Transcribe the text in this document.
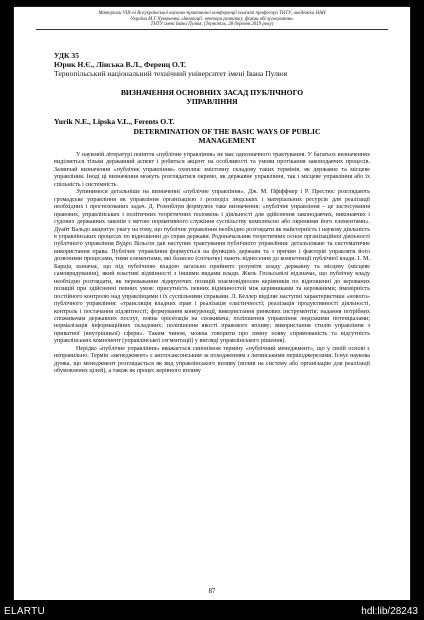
Матеріали VIII-ої Всеукраїнської науково-практичної конференції пам'яті професора ТНТУ, академіка НАН
України М.Г.Чумаченка «Інновації: вектори розвитку, форми обслуговування»
ТНТУ імені Івана Пулюя, (Тернопіль, 28 березня 2019 року)
УДК 35
Юрик Н.Є., Лінська В.Л., Ференц О.Т.
Тернопільський національний технічний університет імені Івана Пулюя
ВИЗНАЧЕННЯ ОСНОВНИХ ЗАСАД ПУБЛІЧНОГО УПРАВЛІННЯ
Yurik N.E., Lipska V.L., Ferents O.T.
DETERMINATION OF THE BASIC WAYS OF PUBLIC MANAGEMENT

У науковій літературі поняття «публічне управління» не має однозначного трактування. У багатьох визначеннях виділяється тільки державний аспект і робиться акцент на особливості та умови протікання законодавчих процесів. Зазвичай визначення «публічне управління» охоплює змістовну складову таких термінів, як державне та місцеве управління. Іноді ці визначення можуть розглядатися окремо, як державне управління, так і місцеве управління або їх спільність і системність.

Зупинимося детальніше на визначенні «публічне управління». Дж. М. Пфіффнер і Р. Престюс розглядають громадське управління як управління організацією і розподіл людських і матеріальних ресурсів для реалізації необхідних і прогнозованих задач. Д. Розенблум формулює таке визначення: «публічне управління – це застосування правових, управлінських і політичних теоретичних положень і діяльності для здійснення законодавчих, виконавчих і судових державних законів з метою нормативного служіння суспільству комплексно або окремими його елементами». Дуайт Вальдо акцентує увагу на тому, що публічне управління необхідно розглядати як майстерність і наукову діяльність в управлінських процесах по відношенні до справ держави. Родоначальник теоретичних основ організаційної діяльності публічного управління Вудро Вільсон дав наступне трактування публічного управління: детальзоване та систематичне використання права. Публічне управління формується на функціях держави та з причин і факторів управляти його дозвоними процесами, тими елементами, які базисно (спочатку) мають віднесення до компетенції публічної влади. І. М. Барціц зазначає, що під публічною владою загально прийнято розуміти владу державну та місцеву (місцеве самоврядування), який властиві відмінності з іншими видами влади. Жиль Гюльсьмілі відзначає, що публічну владу необхідно розглядати, як переважання лідируючих позицій взаємовідносин керівників по відношенні до керованих позицій при здійсненні певних умов: присутність певних відмінностей між керівниками та керованими; ймовірність постійного контролю над управлінцями і їх суспільними справами. Л. Келлер виділяє наступні характеристики «нового» публічного управління: «трансляція владних прав і реалізація еластичності; реалізація продуктивності діяльності, контроль і постачання підзвітності; формування конкуренції, використання ринкових інструментів; надання потрібних споживачам державних послуг, повна орієнтація на споживача; поліпшення управління людськими потенціалами; нормалізація інформаційних складових; поліпшення якості правового впливу; використання стилів управління з приватної (внутрішньої) сфери». Таким чином, можна говорити про певну появу спрямованість та відсутність управлінських компонент (управлінської сегментації) у вигляді управлінського рішення).

Нерідко «публічне управління» вважається синонімом терміну «публічний менеджмент», що у своїй основі є неправильно. Термін «менеджмент» є англосаксонським за походженням з латинськими першоджерелами. Існує наукова думка, що менеджмент розглядається як вид управлінського впливу (вплив на систему або організацію для реалізації обумовлених цілей), а також як процес керівного впливу

87
ELARTU	hdl:lib/28243
